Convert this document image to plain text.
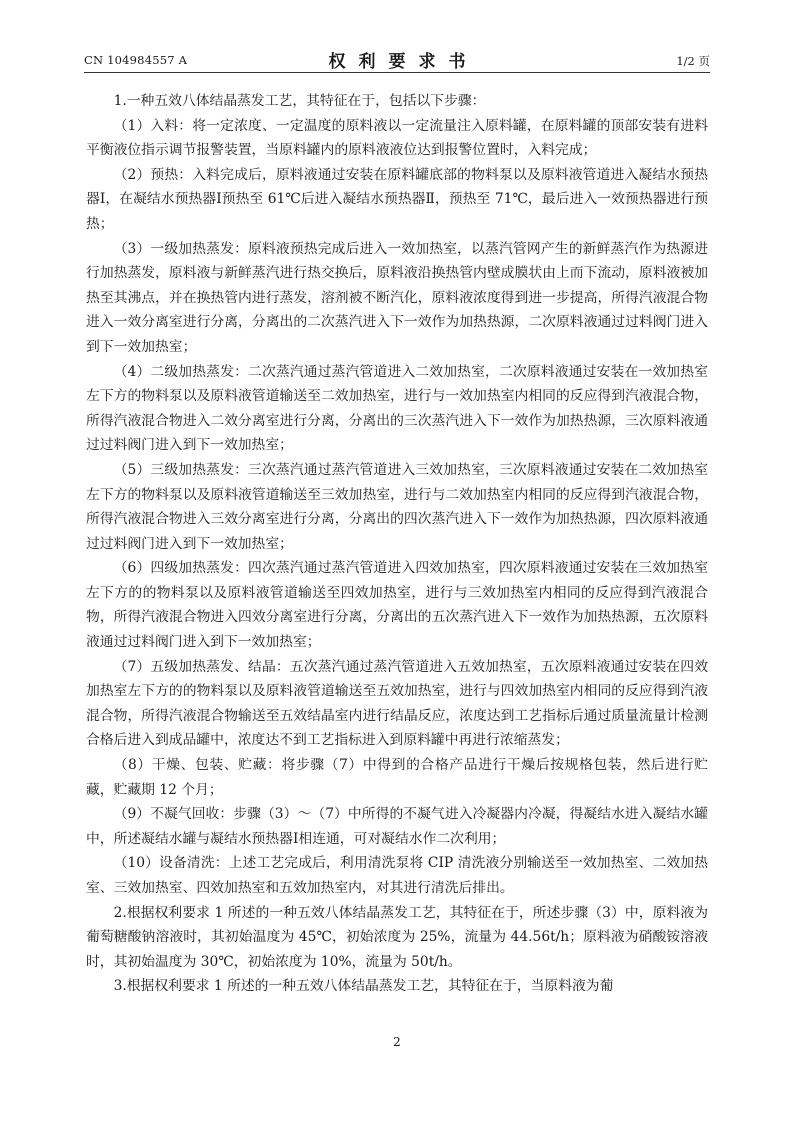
CN 104984557 A	权利要求书	1/2 页

1.一种五效八体结晶蒸发工艺，其特征在于，包括以下步骤：

（1）入料：将一定浓度、一定温度的原料液以一定流量注入原料罐，在原料罐的顶部安装有进料平衡液位指示调节报警装置，当原料罐内的原料液液位达到报警位置时，入料完成；

（2）预热：入料完成后，原料液通过安装在原料罐底部的物料泵以及原料液管道进入凝结水预热器Ⅰ，在凝结水预热器Ⅰ预热至 61℃后进入凝结水预热器Ⅱ，预热至 71℃，最后进入一效预热器进行预热；

（3）一级加热蒸发：原料液预热完成后进入一效加热室，以蒸汽管网产生的新鲜蒸汽作为热源进行加热蒸发，原料液与新鲜蒸汽进行热交换后，原料液沿换热管内壁成膜状由上而下流动，原料液被加热至其沸点，并在换热管内进行蒸发，溶剂被不断汽化，原料液浓度得到进一步提高，所得汽液混合物进入一效分离室进行分离，分离出的二次蒸汽进入下一效作为加热热源，二次原料液通过过料阀门进入到下一效加热室；

（4）二级加热蒸发：二次蒸汽通过蒸汽管道进入二效加热室，二次原料液通过安装在一效加热室左下方的物料泵以及原料液管道输送至二效加热室，进行与一效加热室内相同的反应得到汽液混合物，所得汽液混合物进入二效分离室进行分离，分离出的三次蒸汽进入下一效作为加热热源，三次原料液通过过料阀门进入到下一效加热室；

（5）三级加热蒸发：三次蒸汽通过蒸汽管道进入三效加热室，三次原料液通过安装在二效加热室左下方的物料泵以及原料液管道输送至三效加热室，进行与二效加热室内相同的反应得到汽液混合物，所得汽液混合物进入三效分离室进行分离，分离出的四次蒸汽进入下一效作为加热热源，四次原料液通过过料阀门进入到下一效加热室；

（6）四级加热蒸发：四次蒸汽通过蒸汽管道进入四效加热室，四次原料液通过安装在三效加热室左下方的的物料泵以及原料液管道输送至四效加热室，进行与三效加热室内相同的反应得到汽液混合物，所得汽液混合物进入四效分离室进行分离，分离出的五次蒸汽进入下一效作为加热热源，五次原料液通过过料阀门进入到下一效加热室；

（7）五级加热蒸发、结晶：五次蒸汽通过蒸汽管道进入五效加热室，五次原料液通过安装在四效加热室左下方的的物料泵以及原料液管道输送至五效加热室，进行与四效加热室内相同的反应得到汽液混合物，所得汽液混合物输送至五效结晶室内进行结晶反应，浓度达到工艺指标后通过质量流量计检测合格后进入到成品罐中，浓度达不到工艺指标进入到原料罐中再进行浓缩蒸发；

（8）干燥、包装、贮藏：将步骤（7）中得到的合格产品进行干燥后按规格包装，然后进行贮藏，贮藏期 12 个月；

（9）不凝气回收：步骤（3）～（7）中所得的不凝气进入冷凝器内冷凝，得凝结水进入凝结水罐中，所述凝结水罐与凝结水预热器Ⅰ相连通，可对凝结水作二次利用；

（10）设备清洗：上述工艺完成后，利用清洗泵将 CIP 清洗液分别输送至一效加热室、二效加热室、三效加热室、四效加热室和五效加热室内，对其进行清洗后排出。

2.根据权利要求 1 所述的一种五效八体结晶蒸发工艺，其特征在于，所述步骤（3）中，原料液为葡萄糖酸钠溶液时，其初始温度为 45℃，初始浓度为 25%，流量为 44.56t/h；原料液为硝酸铵溶液时，其初始温度为 30℃，初始浓度为 10%，流量为 50t/h。

3.根据权利要求 1 所述的一种五效八体结晶蒸发工艺，其特征在于，当原料液为葡

2
